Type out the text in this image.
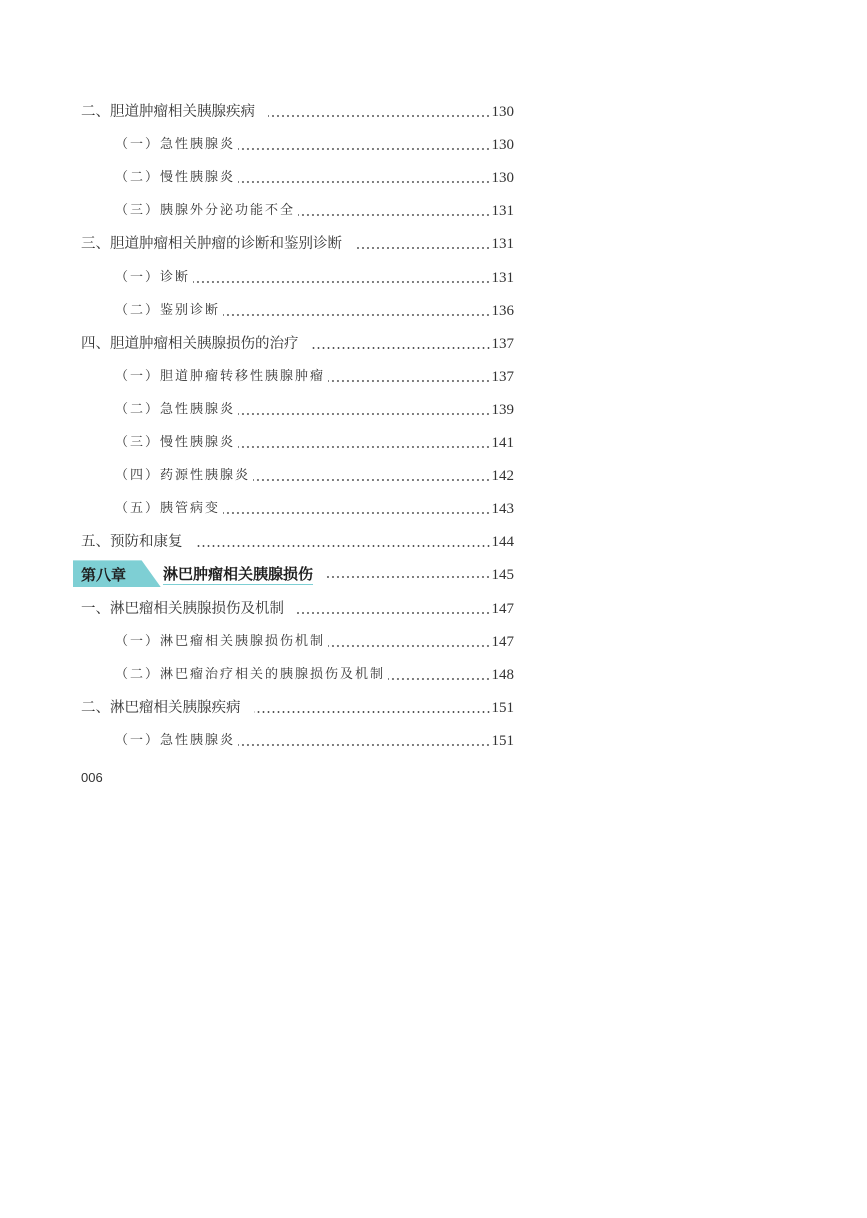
二、胆道肿瘤相关胰腺疾病	130
（一） 急性胰腺炎	130
（二） 慢性胰腺炎	130
（三） 胰腺外分泌功能不全	131
三、胆道肿瘤相关肿瘤的诊断和鉴别诊断	131
（一） 诊断	131
（二） 鉴别诊断	136
四、胆道肿瘤相关胰腺损伤的治疗	137
（一） 胆道肿瘤转移性胰腺肿瘤	137
（二） 急性胰腺炎	139
（三） 慢性胰腺炎	141
（四） 药源性胰腺炎	142
（五） 胰管病变	143
五、预防和康复	144
第八章	淋巴肿瘤相关胰腺损伤	145
一、淋巴瘤相关胰腺损伤及机制	147
（一） 淋巴瘤相关胰腺损伤机制	147
（二） 淋巴瘤治疗相关的胰腺损伤及机制	148
二、淋巴瘤相关胰腺疾病	151
（一） 急性胰腺炎	151
006
